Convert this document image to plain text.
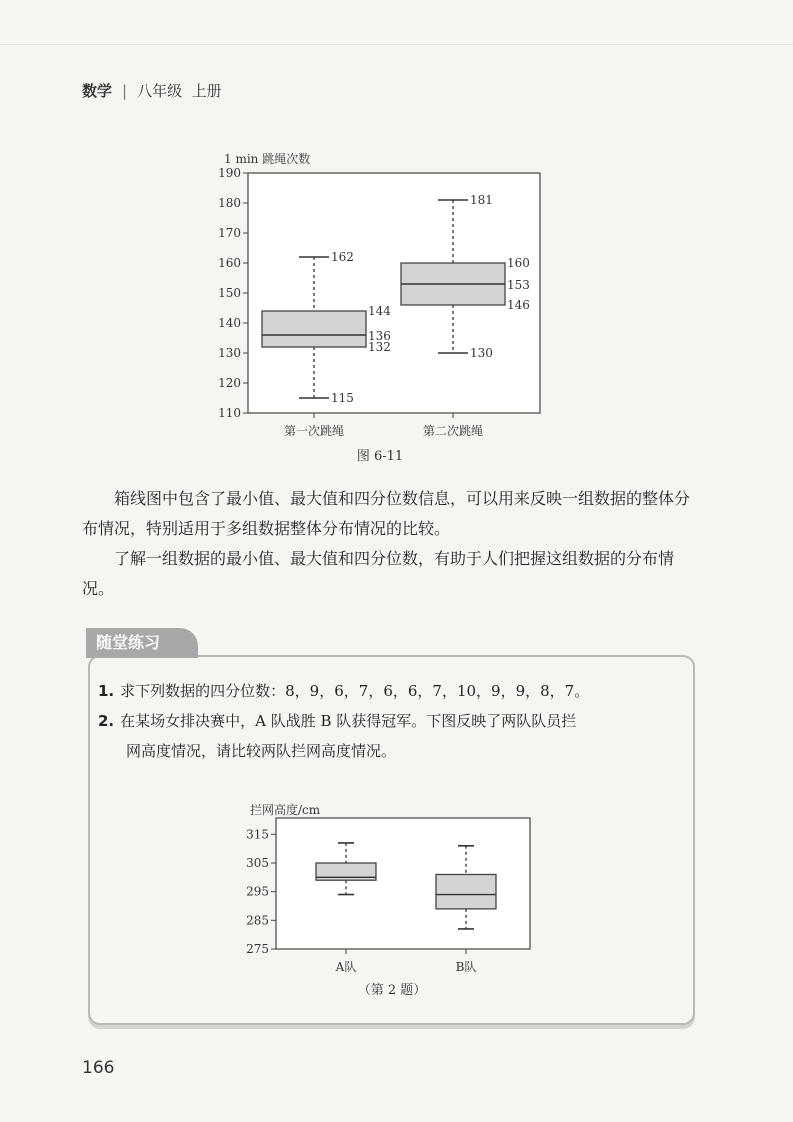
数学 | 八年级 上册
1 min 跳绳次数
110
120
130
140
150
160
170
180
190
162
144
136
132
115
181
160
153
146
130
第一次跳绳	第二次跳绳
图 6-11

箱线图中包含了最小值、最大值和四分位数信息，可以用来反映一组数据的整体分布情况，特别适用于多组数据整体分布情况的比较。

了解一组数据的最小值、最大值和四分位数，有助于人们把握这组数据的分布情况。

随堂练习
1. 求下列数据的四分位数：8，9，6，7，6，6，7，10，9，9，8，7。
2. 在某场女排决赛中，A 队战胜 B 队获得冠军。下图反映了两队队员拦
网高度情况，请比较两队拦网高度情况。
拦网高度/cm
275
285
295
305
315
A队	B队
（第 2 题）
166
